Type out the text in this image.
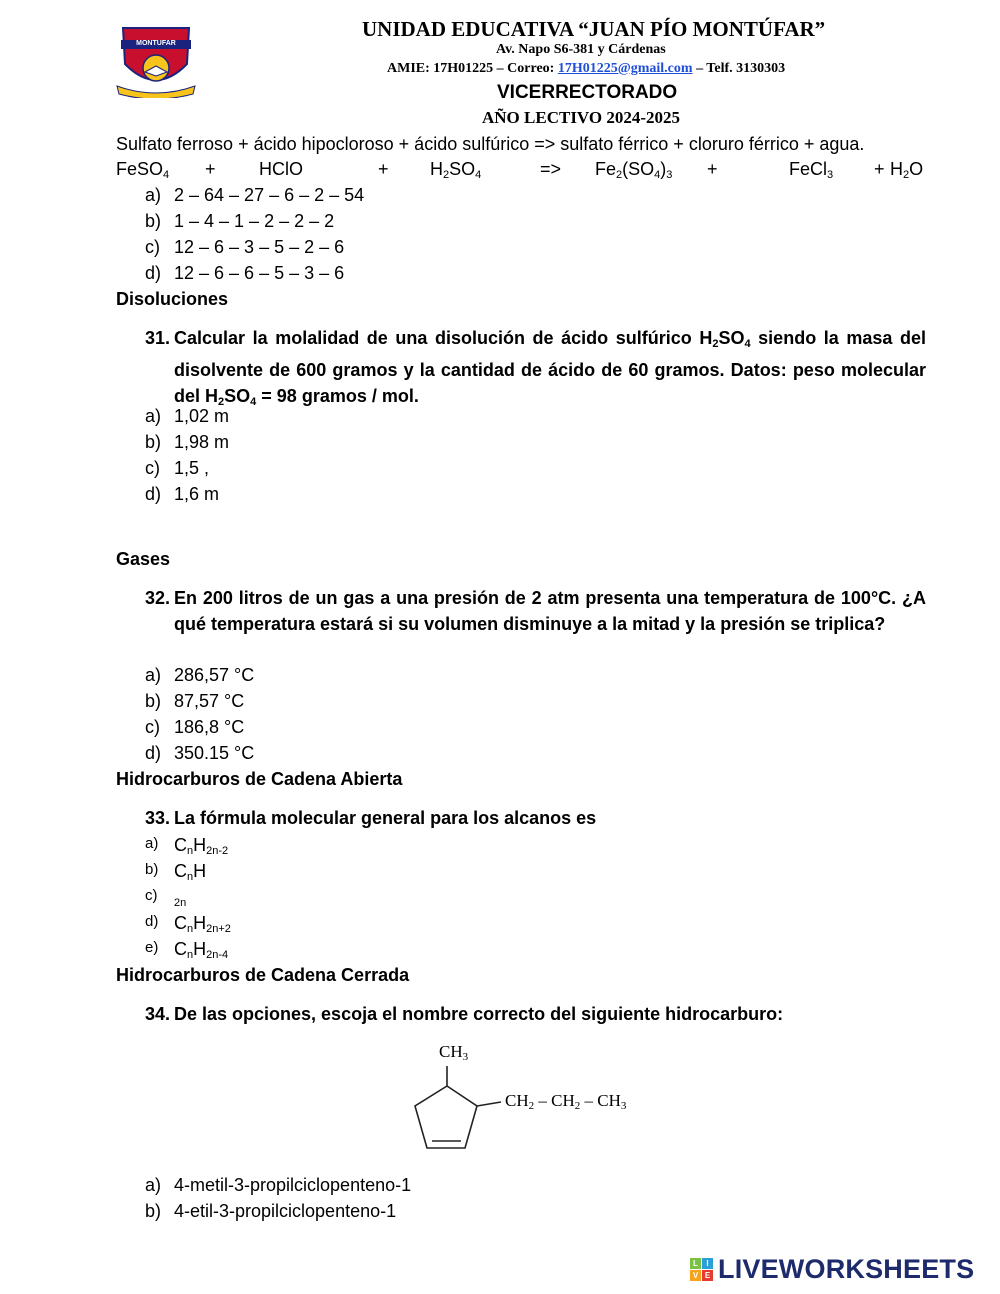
MONTUFAR
UNIDAD EDUCATIVA “JUAN PÍO MONTÚFAR”
Av. Napo S6-381 y Cárdenas
AMIE: 17H01225 – Correo: 17H01225@gmail.com – Telf. 3130303
VICERRECTORADO
AÑO LECTIVO 2024-2025
Sulfato ferroso + ácido hipocloroso + ácido sulfúrico => sulfato férrico + cloruro férrico + agua.
FeSO$_4$ + HClO	+ $H_2SO_4$	=> $Fe_2(SO_4)_3$ +	FeCl$_3$ + $H_2O$
a) 2 – 64 – 27 – 6 – 2 – 54
b) 1 – 4 – 1 – 2 – 2 – 2
c) 12 – 6 – 3 – 5 – 2 – 6
d) 12 – 6 – 6 – 5 – 3 – 6
Disoluciones
31. Calcular la molalidad de una disolución de ácido sulfúrico $H_2SO_4$ siendo la masa del disolvente de 600 gramos y la cantidad de ácido de 60 gramos. Datos: peso molecular del $H_2SO_4 = 98$ gramos / mol.
a) 1,02 m
b) 1,98 m
c) 1,5 ,
d) 1,6 m
Gases
32. En 200 litros de un gas a una presión de 2 atm presenta una temperatura de 100°C. ¿A qué temperatura estará si su volumen disminuye a la mitad y la presión se triplica?
a) 286,57 °C
b) 87,57 °C
c) 186,8 °C
d) 350.15 °C
Hidrocarburos de Cadena Abierta
33. La fórmula molecular general para los alcanos es
a) $C_nH_{2n-2}$
b) $C_nH$
c) $_{2n}$
d) $C_nH_{2n+2}$
e) $C_nH_{2n-4}$
Hidrocarburos de Cadena Cerrada
34. De las opciones, escoja el nombre correcto del siguiente hidrocarburo:
$CH_3$
$CH_2 - CH_2 - CH_3$
a) 4-metil-3-propilciclopenteno-1
b) 4-etil-3-propilciclopenteno-1
L	I
V E LIVEWORKSHEETS
